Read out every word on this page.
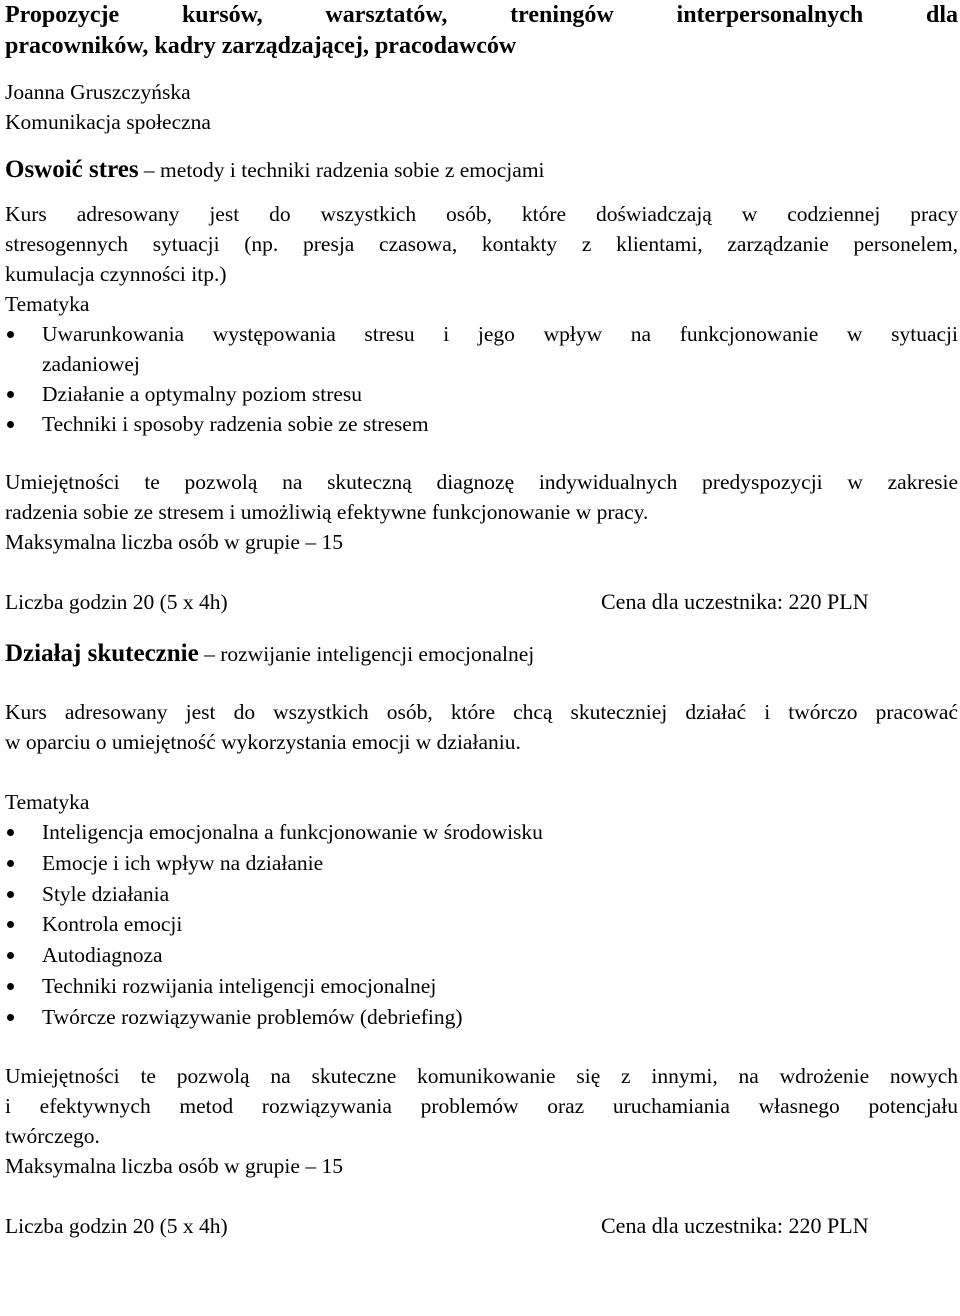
Propozycje kursów, warsztatów, treningów interpersonalnych dla
pracowników, kadry zarządzającej, pracodawców
Joanna Gruszczyńska
Komunikacja społeczna
Oswoić stres – metody i techniki radzenia sobie z emocjami
Kurs adresowany jest do wszystkich osób, które doświadczają w codziennej pracy
stresogennych sytuacji (np. presja czasowa, kontakty z klientami, zarządzanie personelem,
kumulacja czynności itp.)
Tematyka
Uwarunkowania występowania stresu i jego wpływ na funkcjonowanie w sytuacji
zadaniowej
Działanie a optymalny poziom stresu
Techniki i sposoby radzenia sobie ze stresem
Umiejętności te pozwolą na skuteczną diagnozę indywidualnych predyspozycji w zakresie
radzenia sobie ze stresem i umożliwią efektywne funkcjonowanie w pracy.
Maksymalna liczba osób w grupie – 15
Liczba godzin 20 (5 x 4h)	Cena dla uczestnika: 220 PLN
Działaj skutecznie – rozwijanie inteligencji emocjonalnej
Kurs adresowany jest do wszystkich osób, które chcą skuteczniej działać i twórczo pracować
w oparciu o umiejętność wykorzystania emocji w działaniu.
Tematyka
Inteligencja emocjonalna a funkcjonowanie w środowisku
Emocje i ich wpływ na działanie
Style działania
Kontrola emocji
Autodiagnoza
Techniki rozwijania inteligencji emocjonalnej
Twórcze rozwiązywanie problemów (debriefing)
Umiejętności te pozwolą na skuteczne komunikowanie się z innymi, na wdrożenie nowych
i efektywnych metod rozwiązywania problemów oraz uruchamiania własnego potencjału
twórczego.
Maksymalna liczba osób w grupie – 15
Liczba godzin 20 (5 x 4h)	Cena dla uczestnika: 220 PLN
